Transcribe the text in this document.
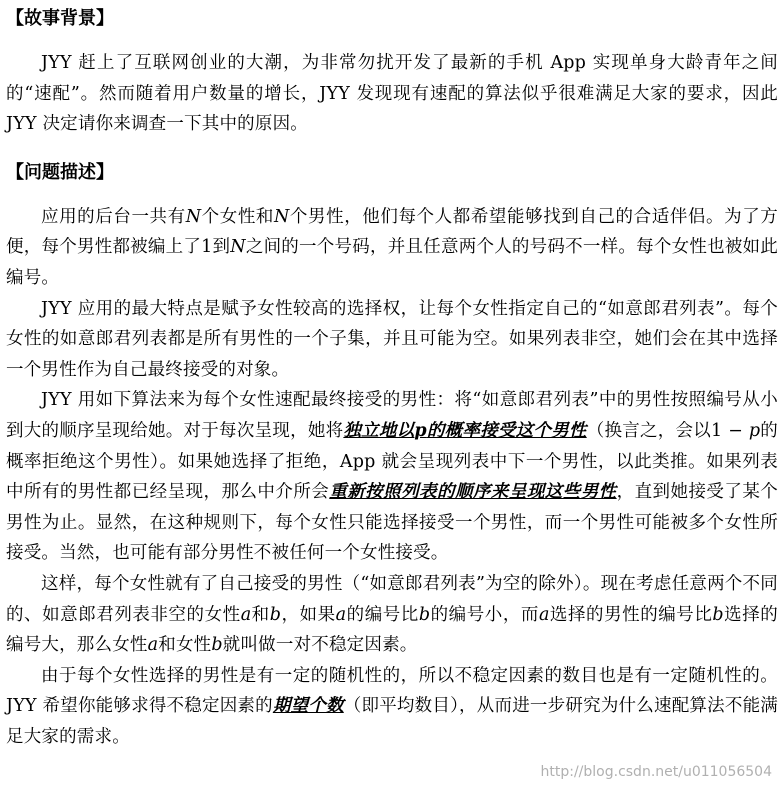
【故事背景】

JYY 赶上了互联网创业的大潮，为非常勿扰开发了最新的手机 App 实现单身大龄青年之间的“速配”。然而随着用户数量的增长，JYY 发现现有速配的算法似乎很难满足大家的要求，因此 JYY 决定请你来调查一下其中的原因。

【问题描述】

应用的后台一共有N个女性和N个男性，他们每个人都希望能够找到自己的合适伴侣。为了方便，每个男性都被编上了1到N之间的一个号码，并且任意两个人的号码不一样。每个女性也被如此编号。

JYY 应用的最大特点是赋予女性较高的选择权，让每个女性指定自己的“如意郎君列表”。每个女性的如意郎君列表都是所有男性的一个子集，并且可能为空。如果列表非空，她们会在其中选择一个男性作为自己最终接受的对象。

JYY 用如下算法来为每个女性速配最终接受的男性：将“如意郎君列表”中的男性按照编号从小到大的顺序呈现给她。对于每次呈现，她将独立地以p的概率接受这个男性（换言之，会以1 − p的概率拒绝这个男性）。如果她选择了拒绝，App 就会呈现列表中下一个男性，以此类推。如果列表中所有的男性都已经呈现，那么中介所会重新按照列表的顺序来呈现这些男性，直到她接受了某个男性为止。显然，在这种规则下，每个女性只能选择接受一个男性，而一个男性可能被多个女性所接受。当然，也可能有部分男性不被任何一个女性接受。

这样，每个女性就有了自己接受的男性（“如意郎君列表”为空的除外）。现在考虑任意两个不同的、如意郎君列表非空的女性a和b，如果a的编号比b的编号小，而a选择的男性的编号比b选择的编号大，那么女性a和女性b就叫做一对不稳定因素。

由于每个女性选择的男性是有一定的随机性的，所以不稳定因素的数目也是有一定随机性的。JYY 希望你能够求得不稳定因素的期望个数（即平均数目），从而进一步研究为什么速配算法不能满足大家的需求。

http://blog.csdn.net/u011056504
